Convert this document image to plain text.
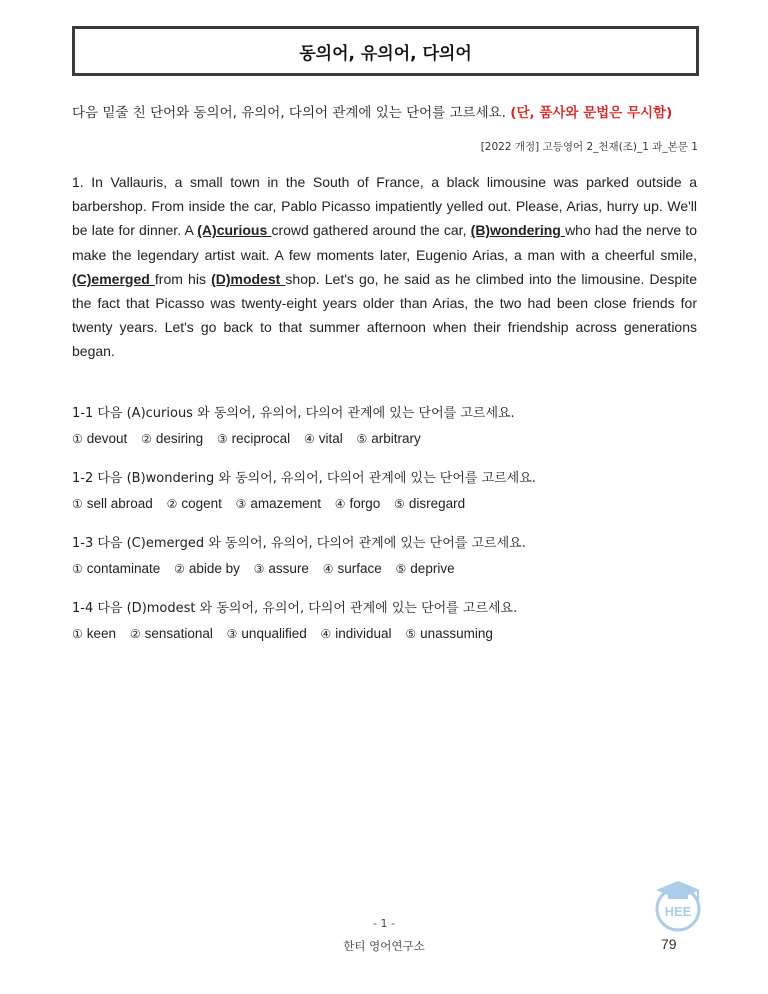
동의어, 유의어, 다의어
다음 밑줄 친 단어와 동의어, 유의어, 다의어 관계에 있는 단어를 고르세요. (단, 품사와 문법은 무시함)
[2022 개정] 고등영어 2_천재(조)_1 과_본문 1
1. In Vallauris, a small town in the South of France, a black limousine was parked outside a barbershop. From inside the car, Pablo Picasso impatiently yelled out. Please, Arias, hurry up. We'll be late for dinner. A (A)curious crowd gathered around the car, (B)wondering who had the nerve to make the legendary artist wait. A few moments later, Eugenio Arias, a man with a cheerful smile, (C)emerged from his (D)modest shop. Let's go, he said as he climbed into the limousine. Despite the fact that Picasso was twenty-eight years older than Arias, the two had been close friends for twenty years. Let's go back to that summer afternoon when their friendship across generations began.
1-1 다음 (A)curious 와 동의어, 유의어, 다의어 관계에 있는 단어를 고르세요.
① devout ② desiring ③ reciprocal ④ vital ⑤ arbitrary
1-2 다음 (B)wondering 와 동의어, 유의어, 다의어 관계에 있는 단어를 고르세요.
① sell abroad ② cogent ③ amazement ④ forgo ⑤ disregard
1-3 다음 (C)emerged 와 동의어, 유의어, 다의어 관계에 있는 단어를 고르세요.
① contaminate ② abide by ③ assure ④ surface ⑤ deprive
1-4 다음 (D)modest 와 동의어, 유의어, 다의어 관계에 있는 단어를 고르세요.
① keen ② sensational ③ unqualified ④ individual ⑤ unassuming
HEE
- 1 -
한티 영어연구소	79
